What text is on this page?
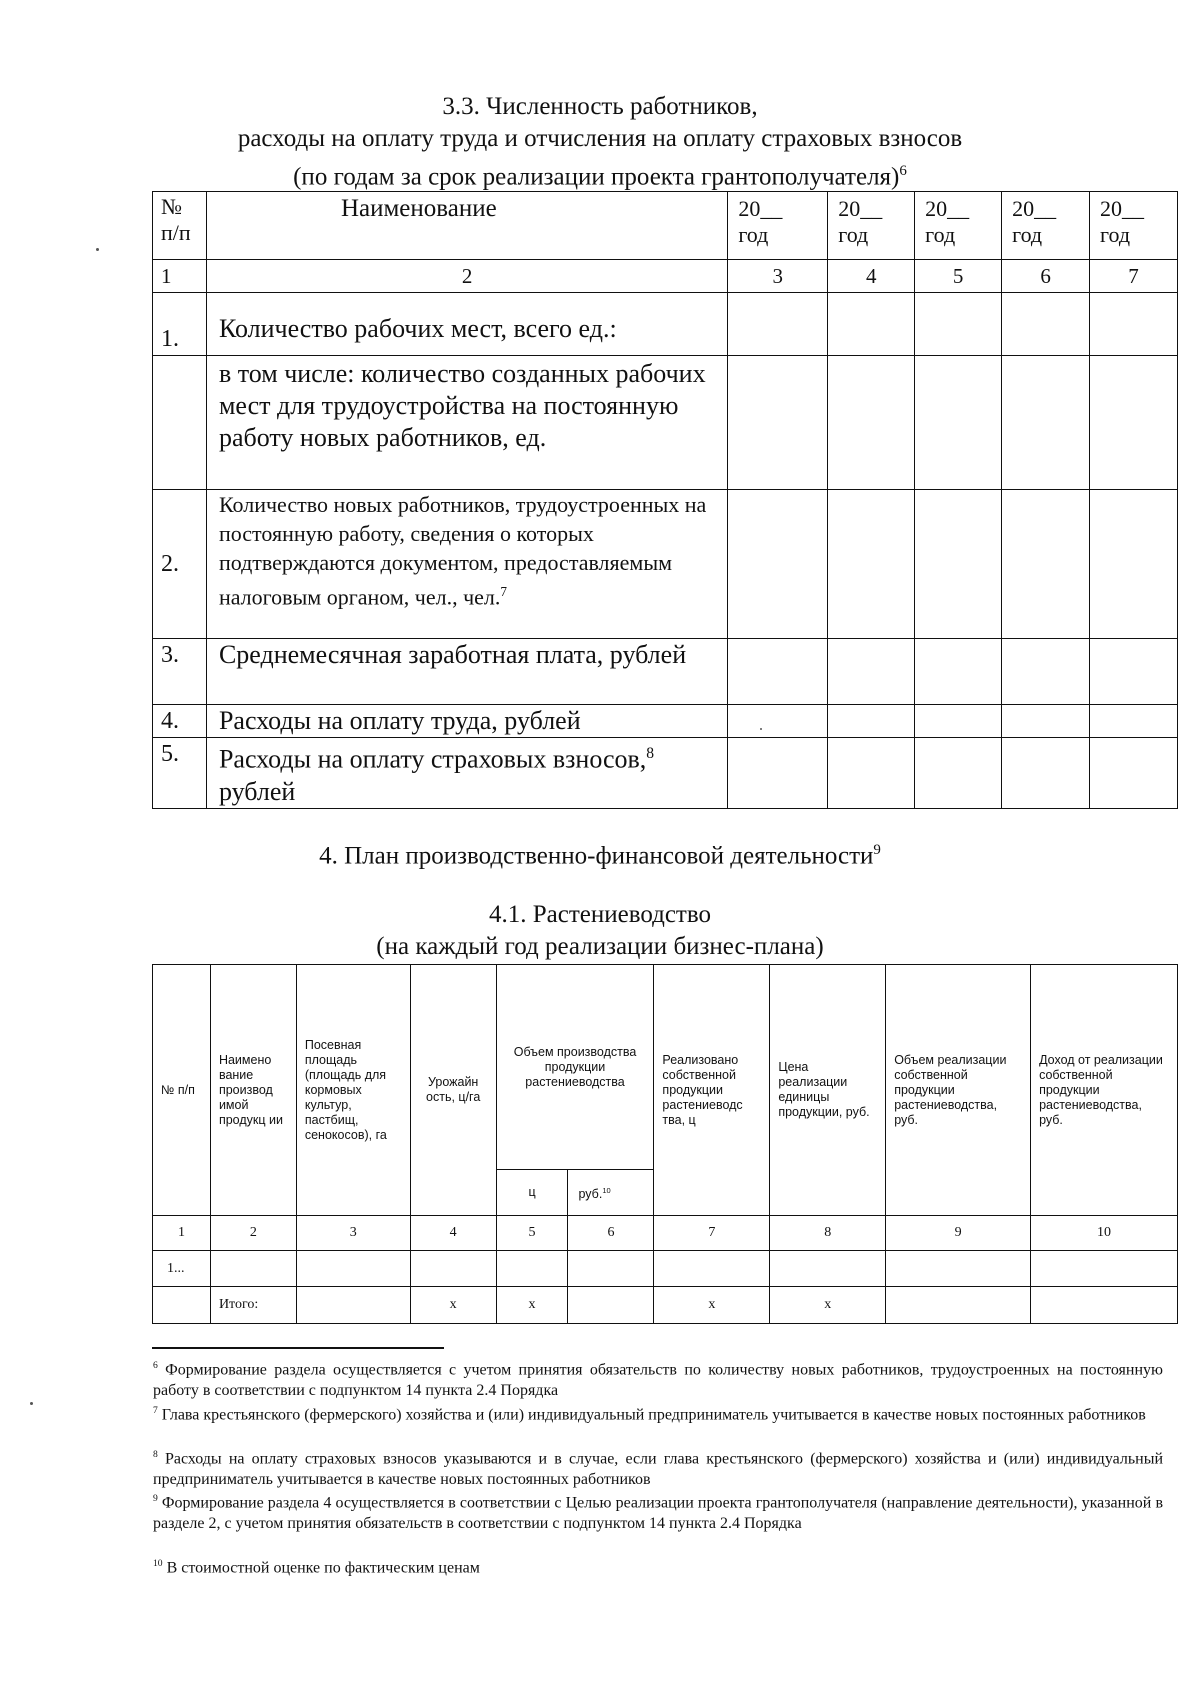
3.3. Численность работников,
расходы на оплату труда и отчисления на оплату страховых взносов
(по годам за срок реализации проекта грантополучателя)$^6$
№ п/п	Наименование	20__ год	20__ год	20__ год	20__ год	20__ год
1	2	3	4	5	6	7
1.	Количество рабочих мест, всего ед.:					
	в том числе: количество созданных рабочих мест для трудоустройства на постоянную работу новых работников, ед.					
2.	Количество новых работников, трудоустроенных на постоянную работу, сведения о которых подтверждаются документом, предоставляемым налоговым органом, чел., чел.$^7$					
3.	Среднемесячная заработная плата, рублей					
4.	Расходы на оплату труда, рублей					
5.	Расходы на оплату страховых взносов,$^8$
рублей					
4. План производственно-финансовой деятельности$^9$
4.1. Растениеводство
(на каждый год реализации бизнес-плана)
№ п/п	Наимено вание производ имой продукц ии	Посевная площадь (площадь для кормовых культур, пастбищ, сенокосов), га	Урожайн ость, ц/га	Объем производства продукции растениеводства		Реализовано собственной продукции растениеводс тва, ц	Цена реализации единицы продукции, руб.	Объем реализации собственной продукции растениеводства, руб.	Доход от реализации собственной продукции растениеводства, руб.
				ц	руб.$^{10}$
1	2	3	4	5	6	7	8	9	10
1...									
	Итого:		х	х		х	х		
$^6$ Формирование раздела осуществляется с учетом принятия обязательств по количеству новых работников, трудоустроенных на постоянную работу в соответствии с подпунктом 14 пункта 2.4 Порядка
$^7$ Глава крестьянского (фермерского) хозяйства и (или) индивидуальный предприниматель учитывается в качестве новых постоянных работников
$^8$ Расходы на оплату страховых взносов указываются и в случае, если глава крестьянского (фермерского) хозяйства и (или) индивидуальный предприниматель учитывается в качестве новых постоянных работников
$^9$ Формирование раздела 4 осуществляется в соответствии с Целью реализации проекта грантополучателя (направление деятельности), указанной в разделе 2, с учетом принятия обязательств в соответствии с подпунктом 14 пункта 2.4 Порядка
$^{10}$ В стоимостной оценке по фактическим ценам
